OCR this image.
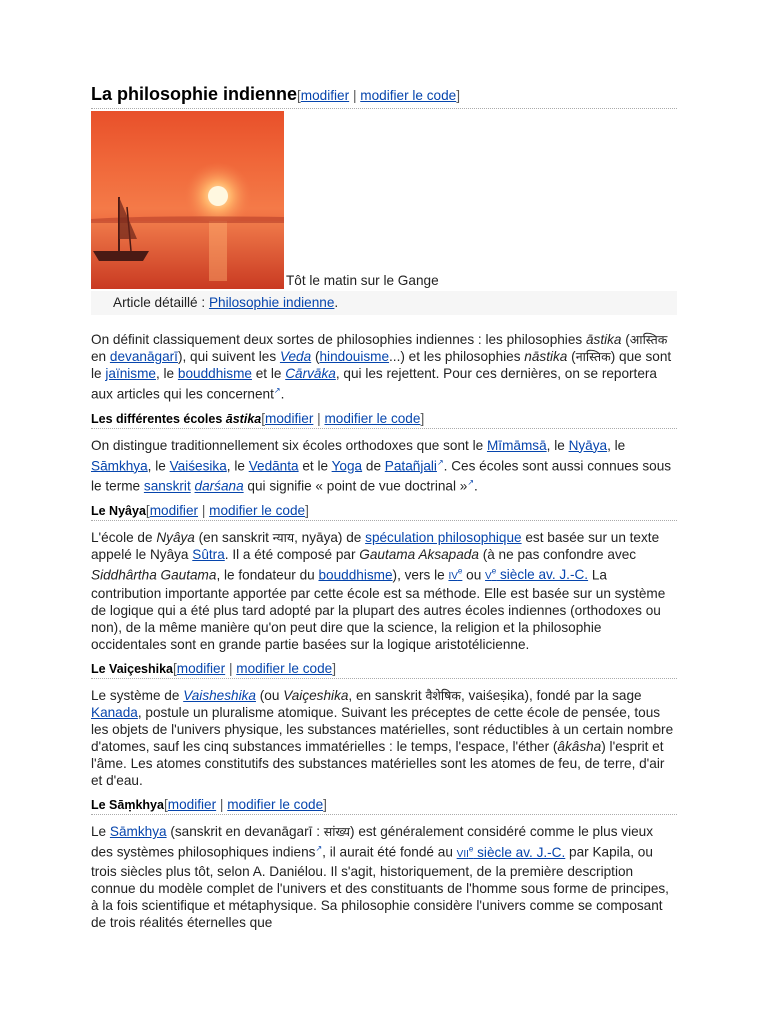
La philosophie indienne [modifier | modifier le code]
Tôt le matin sur le Gange
Article détaillé : Philosophie indienne.

On définit classiquement deux sortes de philosophies indiennes : les philosophies āstika (आस्तिक en devanāgarī), qui suivent les Veda (hindouisme...) et les philosophies nāstika (नास्तिक) que sont le jaïnisme, le bouddhisme et le Cārvāka, qui les rejettent. Pour ces dernières, on se reportera aux articles qui les concernent↗.

Les différentes écoles āstika[modifier | modifier le code]

On distingue traditionnellement six écoles orthodoxes que sont le Mīmāmsā, le Nyāya, le Sāmkhya, le Vaiśesika, le Vedānta et le Yoga de Patañjali↗. Ces écoles sont aussi connues sous le terme sanskrit darśana qui signifie « point de vue doctrinal »↗.

Le Nyâya[modifier | modifier le code]

L'école de Nyâya (en sanskrit न्याय, nyāya) de spéculation philosophique est basée sur un texte appelé le Nyâya Sûtra. Il a été composé par Gautama Aksapada (à ne pas confondre avec Siddhârtha Gautama, le fondateur du bouddhisme), vers le IVe ou Ve siècle av. J.-C. La contribution importante apportée par cette école est sa méthode. Elle est basée sur un système de logique qui a été plus tard adopté par la plupart des autres écoles indiennes (orthodoxes ou non), de la même manière qu'on peut dire que la science, la religion et la philosophie occidentales sont en grande partie basées sur la logique aristotélicienne.

Le Vaiçeshika[modifier | modifier le code]

Le système de Vaisheshika (ou Vaiçeshika, en sanskrit वैशेषिक, vaiśeṣika), fondé par la sage Kanada, postule un pluralisme atomique. Suivant les préceptes de cette école de pensée, tous les objets de l'univers physique, les substances matérielles, sont réductibles à un certain nombre d'atomes, sauf les cinq substances immatérielles : le temps, l'espace, l'éther (âkâsha) l'esprit et l'âme. Les atomes constitutifs des substances matérielles sont les atomes de feu, de terre, d'air et d'eau.

Le Sāṃkhya[modifier | modifier le code]

Le Sāmkhya (sanskrit en devanāgarī : सांख्य) est généralement considéré comme le plus vieux des systèmes philosophiques indiens↗, il aurait été fondé au VIIe siècle av. J.-C. par Kapila, ou trois siècles plus tôt, selon A. Daniélou. Il s'agit, historiquement, de la première description connue du modèle complet de l'univers et des constituants de l'homme sous forme de principes, à la fois scientifique et métaphysique. Sa philosophie considère l'univers comme se composant de trois réalités éternelles que
